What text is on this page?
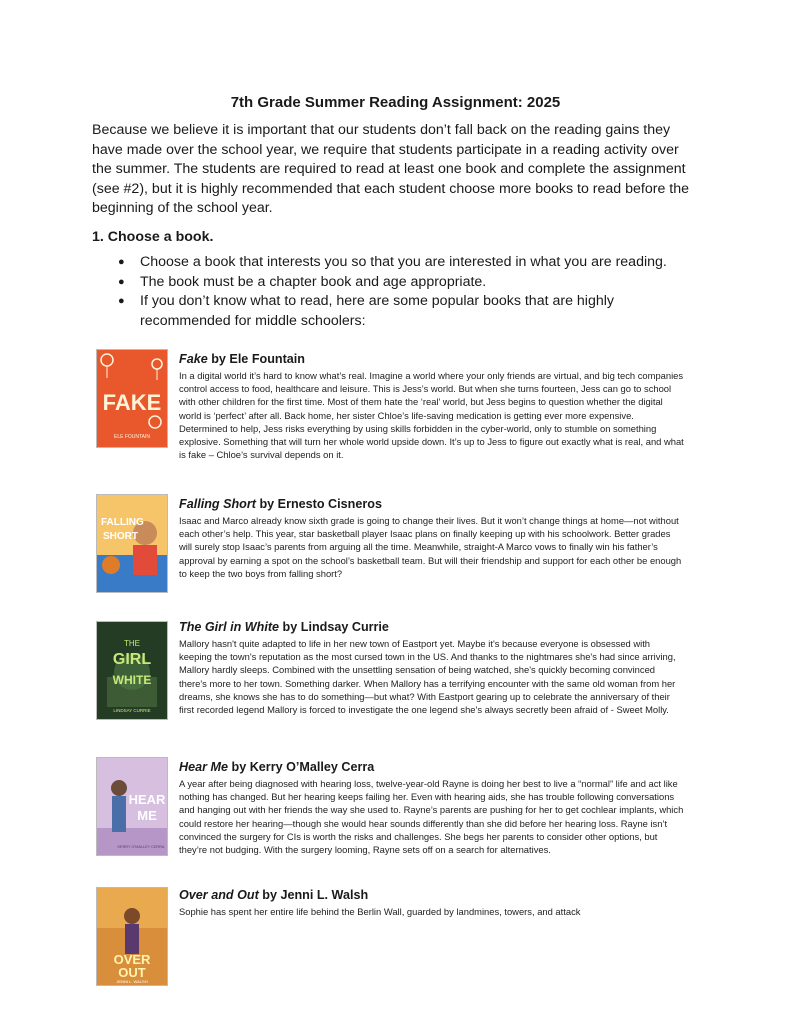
7th Grade Summer Reading Assignment: 2025
Because we believe it is important that our students don’t fall back on the reading gains they have made over the school year, we require that students participate in a reading activity over the summer. The students are required to read at least one book and complete the assignment (see #2), but it is highly recommended that each student choose more books to read before the beginning of the school year.
1. Choose a book.
● Choose a book that interests you so that you are interested in what you are reading.
● The book must be a chapter book and age appropriate.
● If you don’t know what to read, here are some popular books that are highly recommended for middle schoolers:
FAKE
ELE FOUNTAIN
Fake by Ele Fountain
In a digital world it’s hard to know what’s real. Imagine a world where your only friends are virtual, and big tech companies control access to food, healthcare and leisure. This is Jess’s world. But when she turns fourteen, Jess can go to school with other children for the first time. Most of them hate the ‘real’ world, but Jess begins to question whether the digital world is ‘perfect’ after all. Back home, her sister Chloe’s life-saving medication is getting ever more expensive. Determined to help, Jess risks everything by using skills forbidden in the cyber-world, only to stumble on something explosive. Something that will turn her whole world upside down. It’s up to Jess to figure out exactly what is real, and what is fake – Chloe’s survival depends on it.
FALLING
SHORT
Falling Short by Ernesto Cisneros
Isaac and Marco already know sixth grade is going to change their lives. But it won’t change things at home—not without each other’s help. This year, star basketball player Isaac plans on finally keeping up with his schoolwork. Better grades will surely stop Isaac’s parents from arguing all the time. Meanwhile, straight-A Marco vows to finally win his father’s approval by earning a spot on the school’s basketball team. But will their friendship and support for each other be enough to keep the two boys from falling short?
THE
GIRL
WHITE
LINDSAY CURRIE
The Girl in White by Lindsay Currie
Mallory hasn't quite adapted to life in her new town of Eastport yet. Maybe it's because everyone is obsessed with keeping the town's reputation as the most cursed town in the US. And thanks to the nightmares she's had since arriving, Mallory hardly sleeps. Combined with the unsettling sensation of being watched, she's quickly becoming convinced there's more to her town. Something darker. When Mallory has a terrifying encounter with the same old woman from her dreams, she knows she has to do something—but what? With Eastport gearing up to celebrate the anniversary of their first recorded legend Mallory is forced to investigate the one legend she's always secretly been afraid of - Sweet Molly.
HEAR
ME
KERRY O'MALLEY CERRA
Hear Me by Kerry O’Malley Cerra
A year after being diagnosed with hearing loss, twelve-year-old Rayne is doing her best to live a “normal” life and act like nothing has changed. But her hearing keeps failing her. Even with hearing aids, she has trouble following conversations and hanging out with her friends the way she used to. Rayne’s parents are pushing for her to get cochlear implants, which could restore her hearing—though she would hear sounds differently than she did before her hearing loss. Rayne isn’t convinced the surgery for CIs is worth the risks and challenges. She begs her parents to consider other options, but they’re not budging. With the surgery looming, Rayne sets off on a search for alternatives.
OVER
OUT
JENNI L. WALSH
Over and Out by Jenni L. Walsh
Sophie has spent her entire life behind the Berlin Wall, guarded by landmines, towers, and attack
